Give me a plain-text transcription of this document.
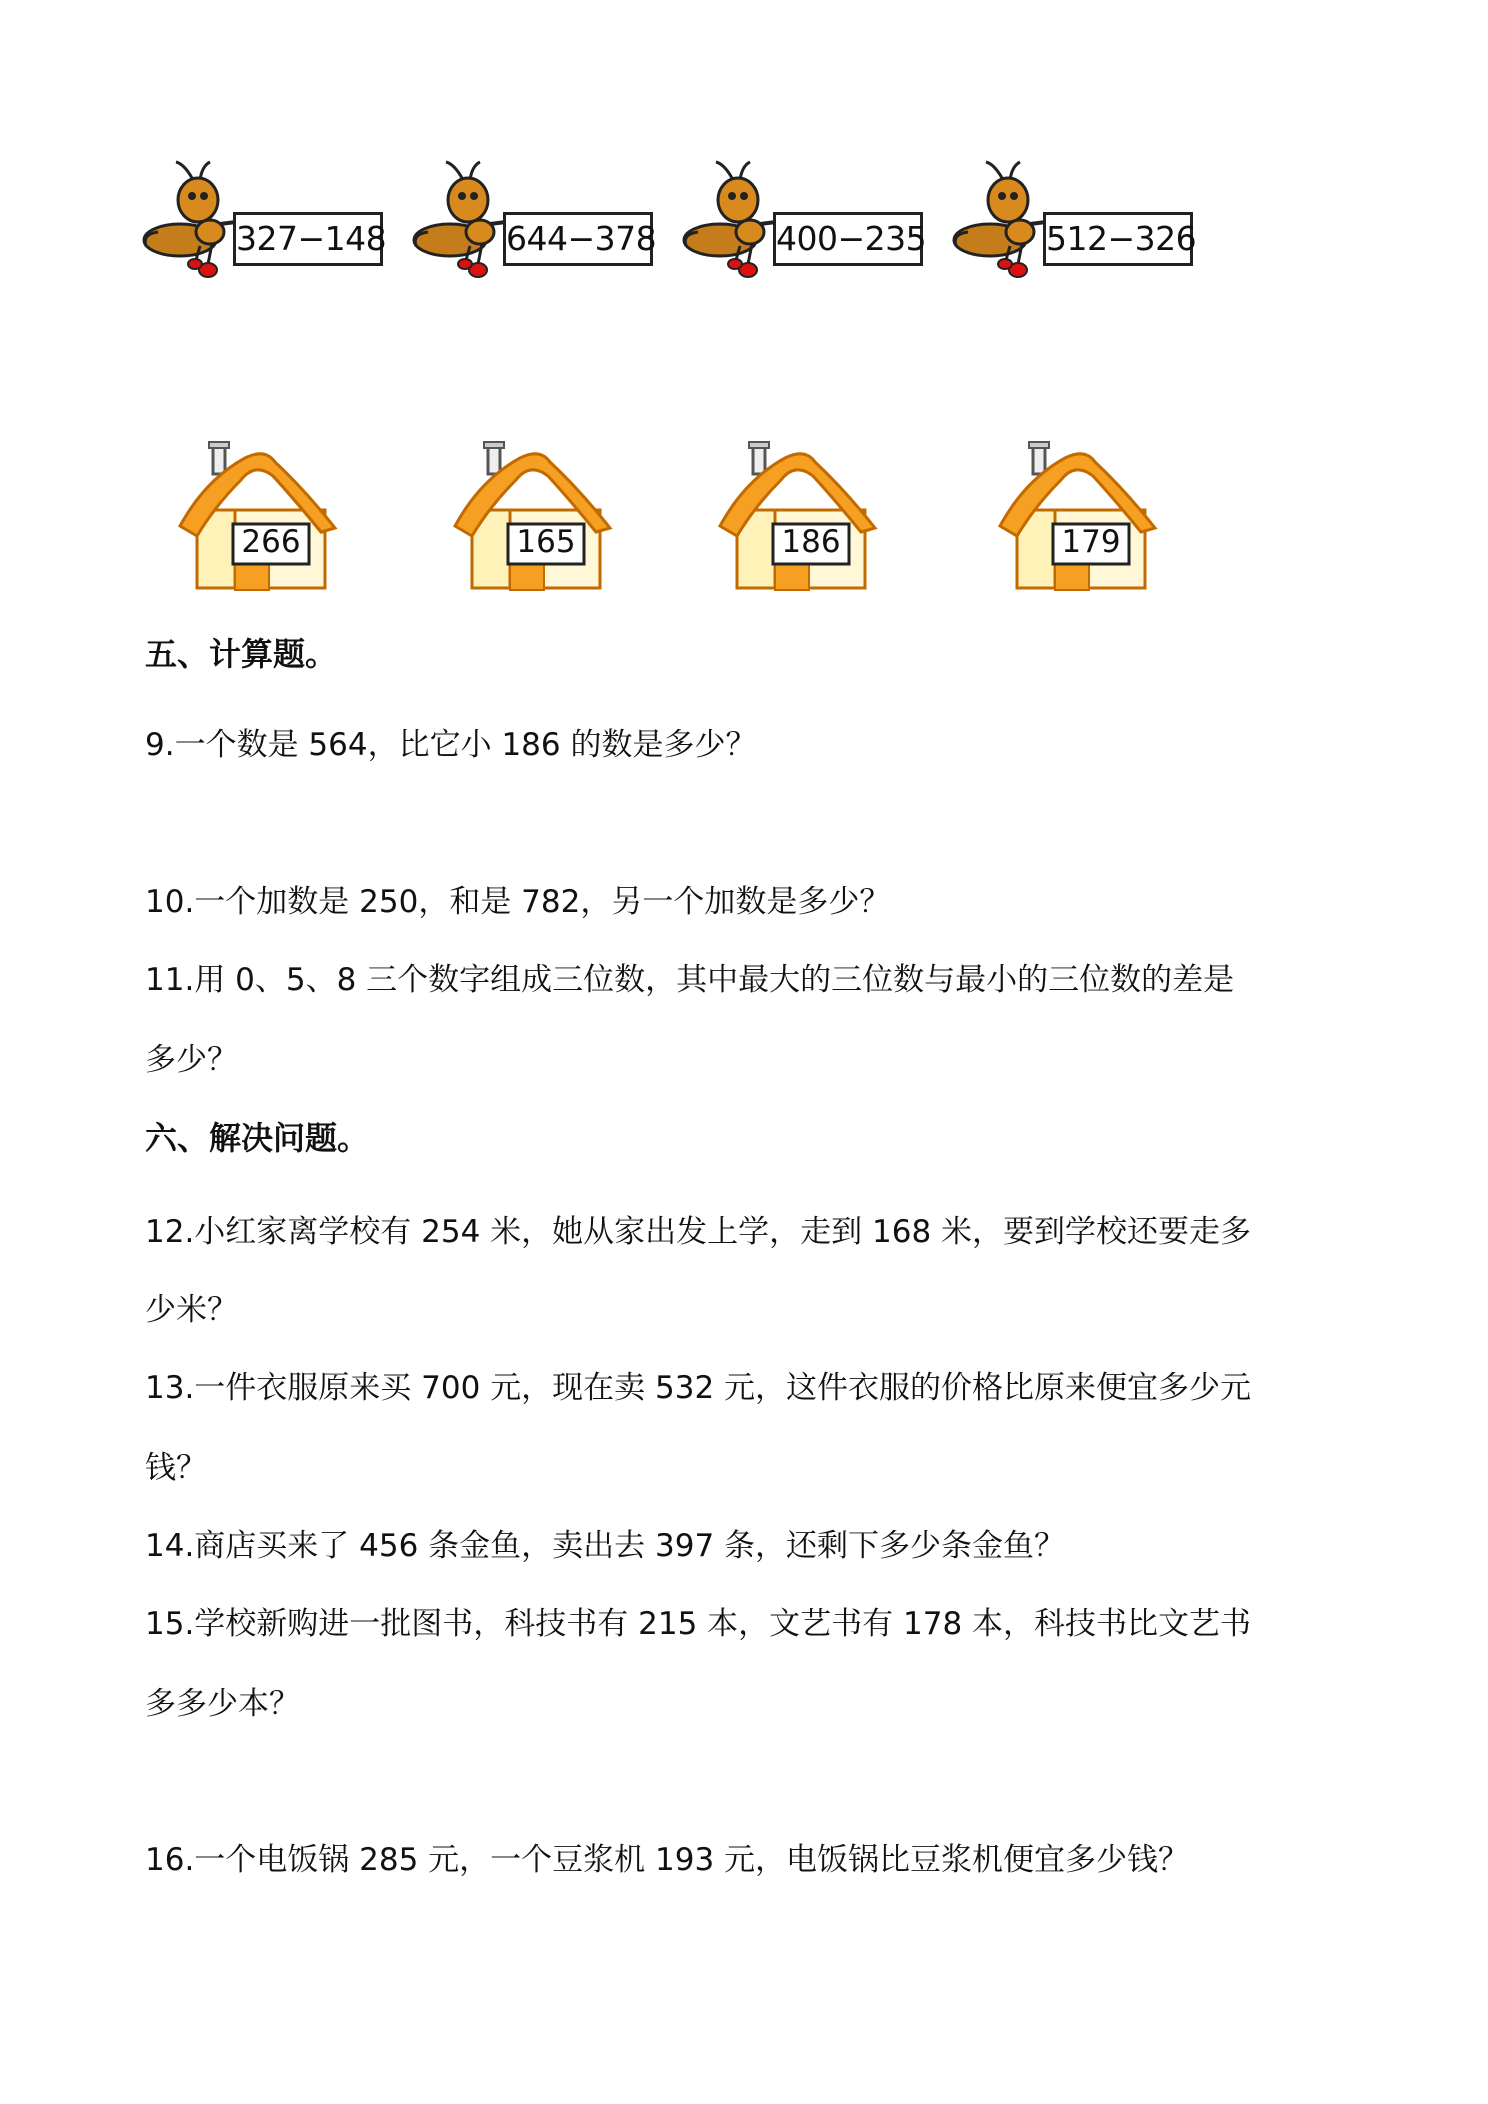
327−148	644−378	400−235	512−326
266	165	186	179
五、计算题。
9.一个数是 564，比它小 186 的数是多少？
10.一个加数是 250，和是 782，另一个加数是多少？
11.用 0、5、8 三个数字组成三位数，其中最大的三位数与最小的三位数的差是
多少？
六、解决问题。
12.小红家离学校有 254 米，她从家出发上学，走到 168 米，要到学校还要走多
少米？
13.一件衣服原来买 700 元，现在卖 532 元，这件衣服的价格比原来便宜多少元
钱？
14.商店买来了 456 条金鱼，卖出去 397 条，还剩下多少条金鱼？
15.学校新购进一批图书，科技书有 215 本，文艺书有 178 本，科技书比文艺书
多多少本？
16.一个电饭锅 285 元，一个豆浆机 193 元，电饭锅比豆浆机便宜多少钱？
